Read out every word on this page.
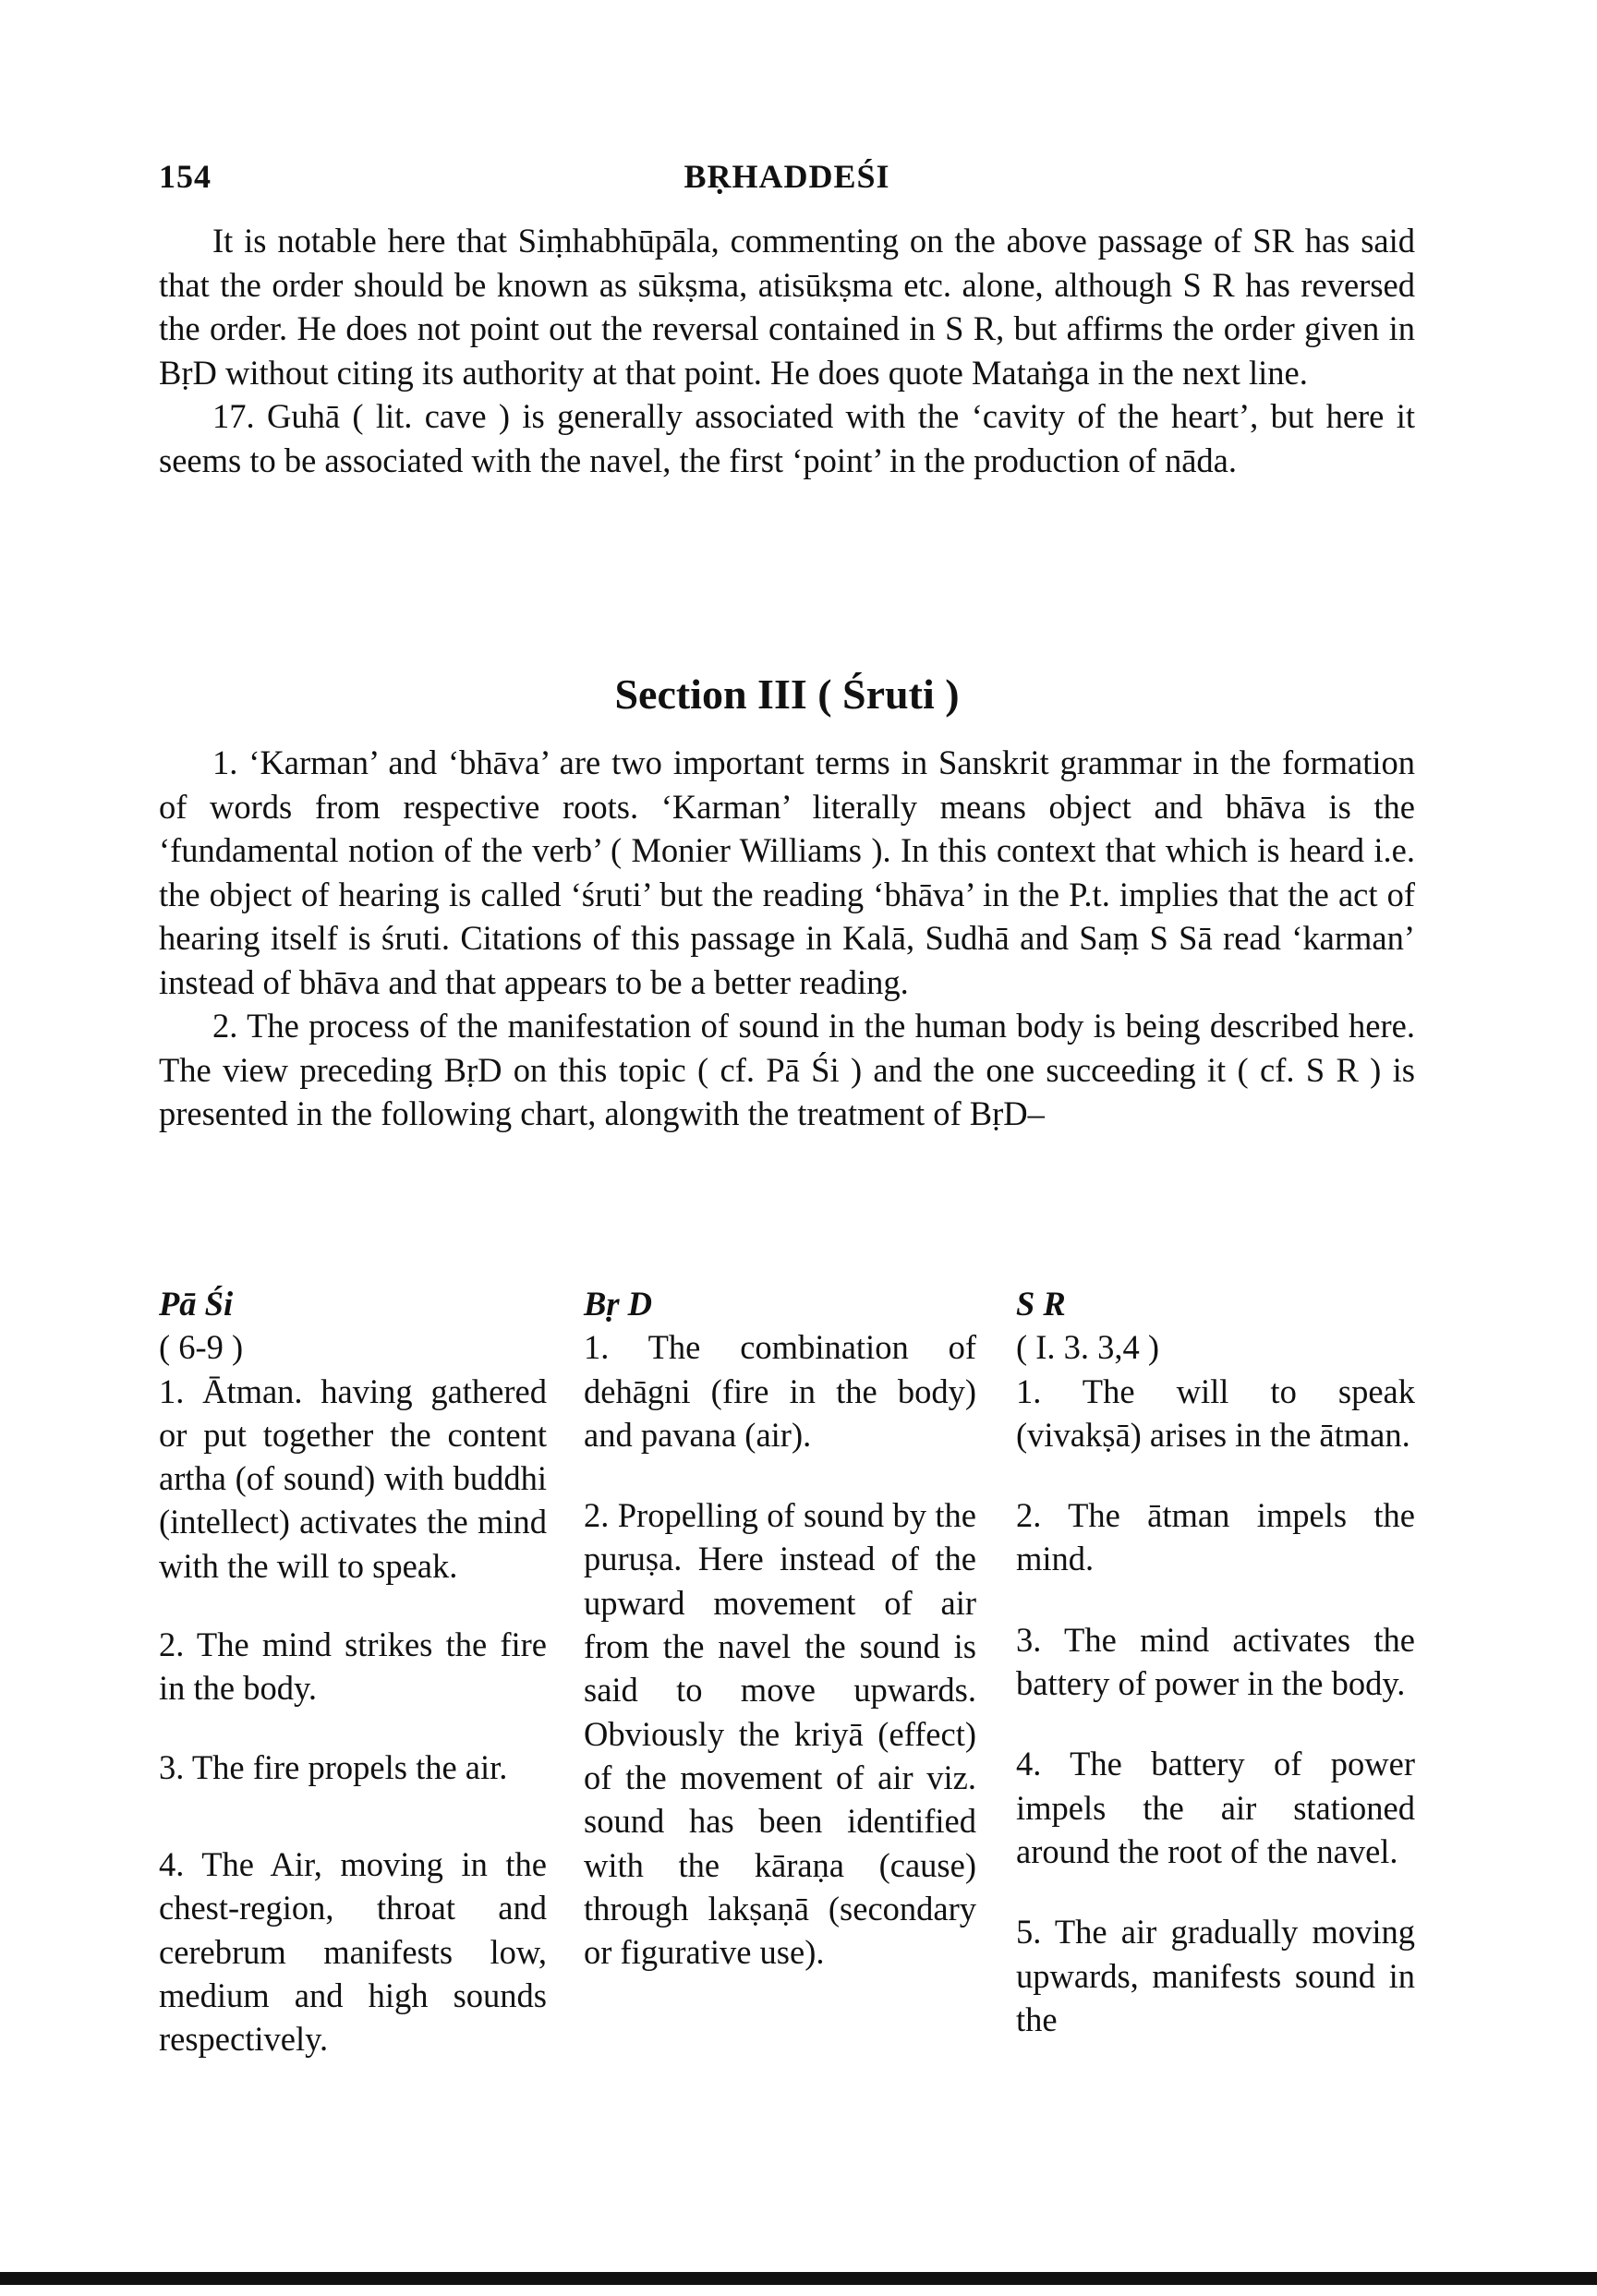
154	BṚHADDEŚI

It is notable here that Siṃhabhūpāla, commenting on the above passage of SR has said that the order should be known as sūkṣma, atisūkṣma etc. alone, although S R has reversed the order. He does not point out the reversal contained in S R, but affirms the order given in BṛD without citing its authority at that point. He does quote Mataṅga in the next line.

17. Guhā ( lit. cave ) is generally associated with the ‘cavity of the heart’, but here it seems to be associated with the navel, the first ‘point’ in the production of nāda.

Section III ( Śruti )

1. ‘Karman’ and ‘bhāva’ are two important terms in Sanskrit grammar in the formation of words from respective roots. ‘Karman’ literally means object and bhāva is the ‘fundamental notion of the verb’ ( Monier Williams ). In this context that which is heard i.e. the object of hearing is called ‘śruti’ but the reading ‘bhāva’ in the P.t. implies that the act of hearing itself is śruti. Citations of this passage in Kalā, Sudhā and Saṃ S Sā read ‘karman’ instead of bhāva and that appears to be a better reading.

2. The process of the manifestation of sound in the human body is being described here. The view preceding BṛD on this topic ( cf. Pā Śi ) and the one succeeding it ( cf. S R ) is presented in the following chart, alongwith the treatment of BṛD–

Pā Śi
( 6-9 )
1. Ātman. having gathered or put together the content artha (of sound) with buddhi (intellect) activates the mind with the will to speak.
2. The mind strikes the fire in the body.
3. The fire propels the air.
4. The Air, moving in the chest-region, throat and cerebrum manifests low, medium and high sounds respectively.
Bṛ D
1. The combination of dehāgni (fire in the body) and pavana (air).
2. Propelling of sound by the puruṣa. Here instead of the upward movement of air from the navel the sound is said to move upwards. Obviously the kriyā (effect) of the movement of air viz. sound has been identified with the kāraṇa (cause) through lakṣaṇā (secondary or figurative use).
S R
( I. 3. 3,4 )
1. The will to speak (vivakṣā) arises in the ātman.
2. The ātman impels the mind.
3. The mind activates the battery of power in the body.
4. The battery of power impels the air stationed around the root of the navel.
5. The air gradually moving upwards, manifests sound in the
